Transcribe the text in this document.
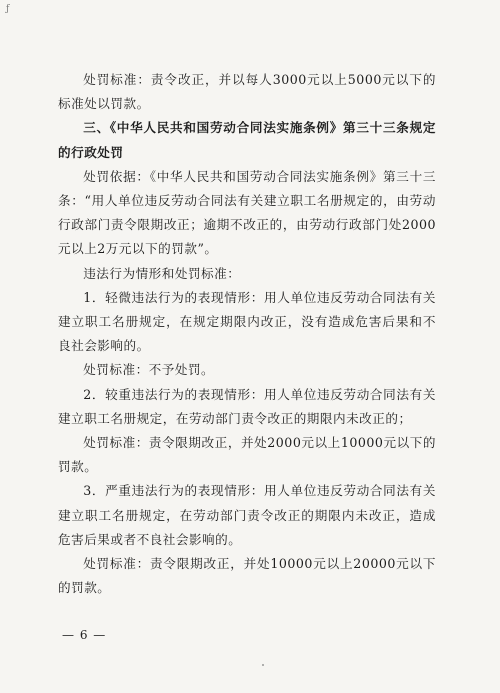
ƒ

处罚标准：责令改正，并以每人3000元以上5000元以下的标准处以罚款。

三、《中华人民共和国劳动合同法实施条例》第三十三条规定的行政处罚

处罚依据：《中华人民共和国劳动合同法实施条例》第三十三条：“用人单位违反劳动合同法有关建立职工名册规定的，由劳动行政部门责令限期改正；逾期不改正的，由劳动行政部门处2000元以上2万元以下的罚款”。

违法行为情形和处罚标准：

1．轻微违法行为的表现情形：用人单位违反劳动合同法有关建立职工名册规定，在规定期限内改正，没有造成危害后果和不良社会影响的。

处罚标准：不予处罚。

2．较重违法行为的表现情形：用人单位违反劳动合同法有关建立职工名册规定，在劳动部门责令改正的期限内未改正的；

处罚标准：责令限期改正，并处2000元以上10000元以下的罚款。

3．严重违法行为的表现情形：用人单位违反劳动合同法有关建立职工名册规定，在劳动部门责令改正的期限内未改正，造成危害后果或者不良社会影响的。

处罚标准：责令限期改正，并处10000元以上20000元以下的罚款。

— 6 —
